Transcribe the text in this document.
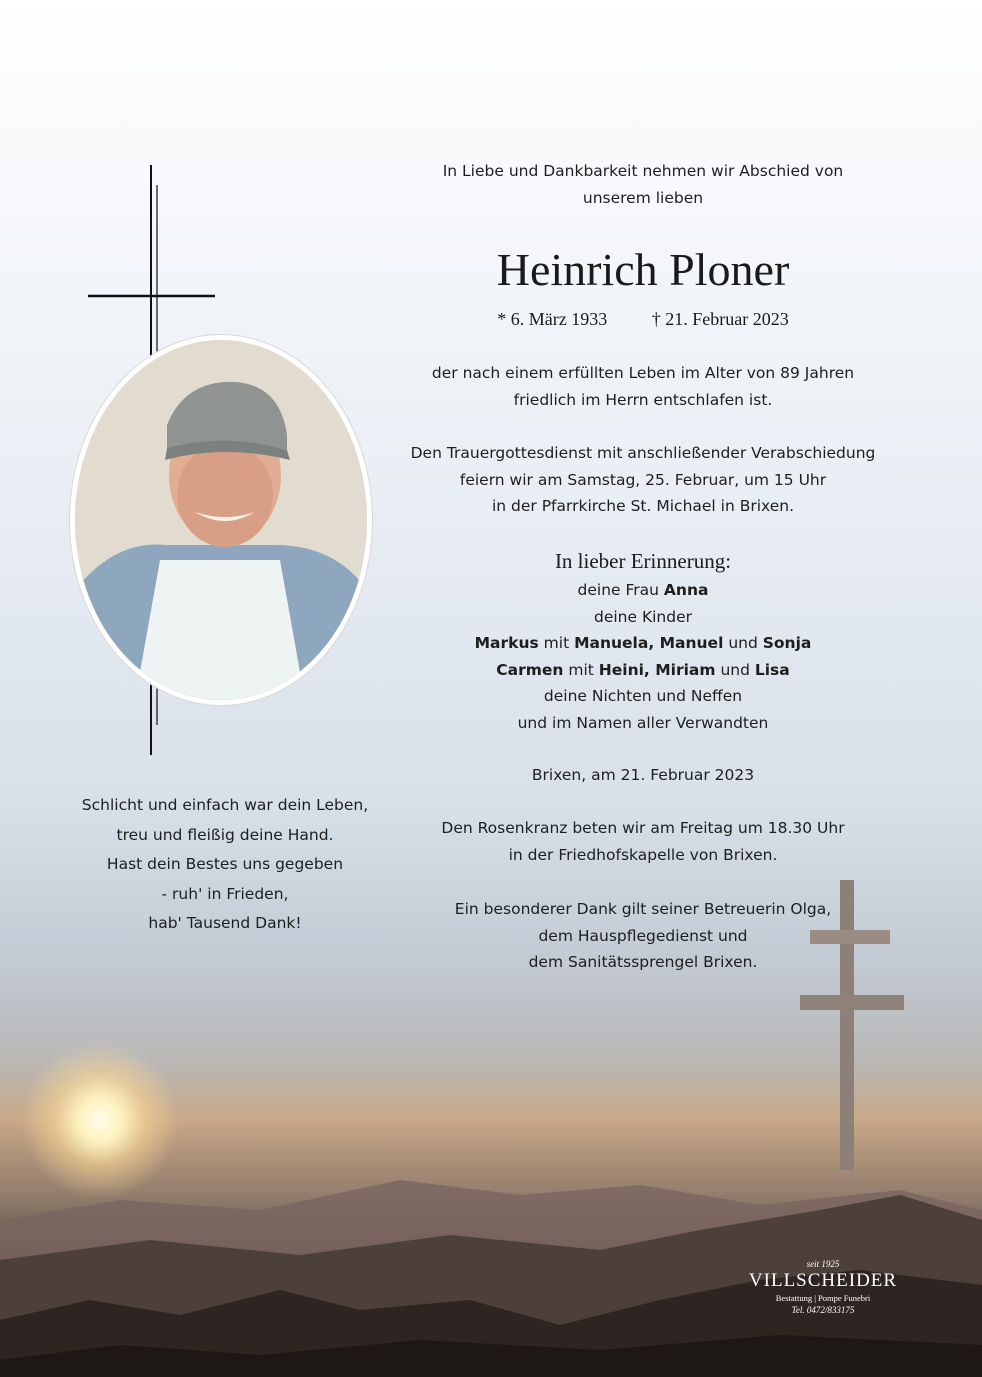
In Liebe und Dankbarkeit nehmen wir Abschied von
unserem lieben
Heinrich Ploner
* 6. März 1933 † 21. Februar 2023
der nach einem erfüllten Leben im Alter von 89 Jahren
friedlich im Herrn entschlafen ist.
Den Trauergottesdienst mit anschließender Verabschiedung
feiern wir am Samstag, 25. Februar, um 15 Uhr
in der Pfarrkirche St. Michael in Brixen.
In lieber Erinnerung:
deine Frau Anna
deine Kinder
Markus mit Manuela, Manuel und Sonja
Carmen mit Heini, Miriam und Lisa
deine Nichten und Neffen
und im Namen aller Verwandten
Brixen, am 21. Februar 2023
Den Rosenkranz beten wir am Freitag um 18.30 Uhr
in der Friedhofskapelle von Brixen.
Ein besonderer Dank gilt seiner Betreuerin Olga,
dem Hauspflegedienst und
dem Sanitätssprengel Brixen.
Schlicht und einfach war dein Leben,
treu und fleißig deine Hand.
Hast dein Bestes uns gegeben
- ruh' in Frieden,
hab' Tausend Dank!
seit 1925
VILLSCHEIDER
Bestattung | Pompe Funebri
Tel. 0472/833175
